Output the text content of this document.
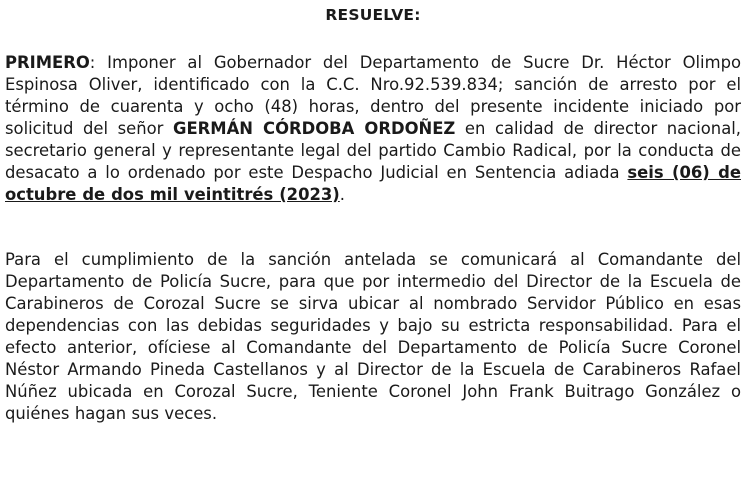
RESUELVE:

PRIMERO: Imponer al Gobernador del Departamento de Sucre Dr. Héctor Olimpo Espinosa Oliver, identificado con la C.C. Nro.92.539.834; sanción de arresto por el término de cuarenta y ocho (48) horas, dentro del presente incidente iniciado por solicitud del señor GERMÁN CÓRDOBA ORDOÑEZ en calidad de director nacional, secretario general y representante legal del partido Cambio Radical, por la conducta de desacato a lo ordenado por este Despacho Judicial en Sentencia adiada seis (06) de octubre de dos mil veintitrés (2023).

Para el cumplimiento de la sanción antelada se comunicará al Comandante del Departamento de Policía Sucre, para que por intermedio del Director de la Escuela de Carabineros de Corozal Sucre se sirva ubicar al nombrado Servidor Público en esas dependencias con las debidas seguridades y bajo su estricta responsabilidad. Para el efecto anterior, ofíciese al Comandante del Departamento de Policía Sucre Coronel Néstor Armando Pineda Castellanos y al Director de la Escuela de Carabineros Rafael Núñez ubicada en Corozal Sucre, Teniente Coronel John Frank Buitrago González o quiénes hagan sus veces.
